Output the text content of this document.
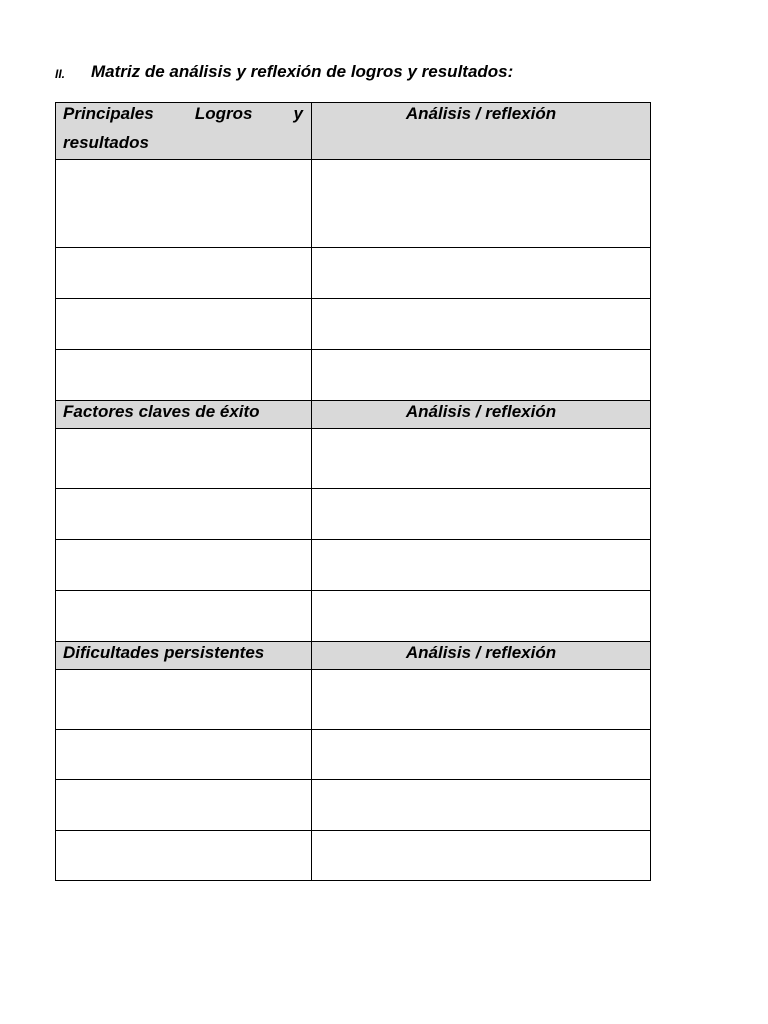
II. Matriz de análisis y reflexión de logros y resultados:
Principales Logros y resultados	Análisis / reflexión

Factores claves de éxito	Análisis / reflexión

Dificultades persistentes	Análisis / reflexión
